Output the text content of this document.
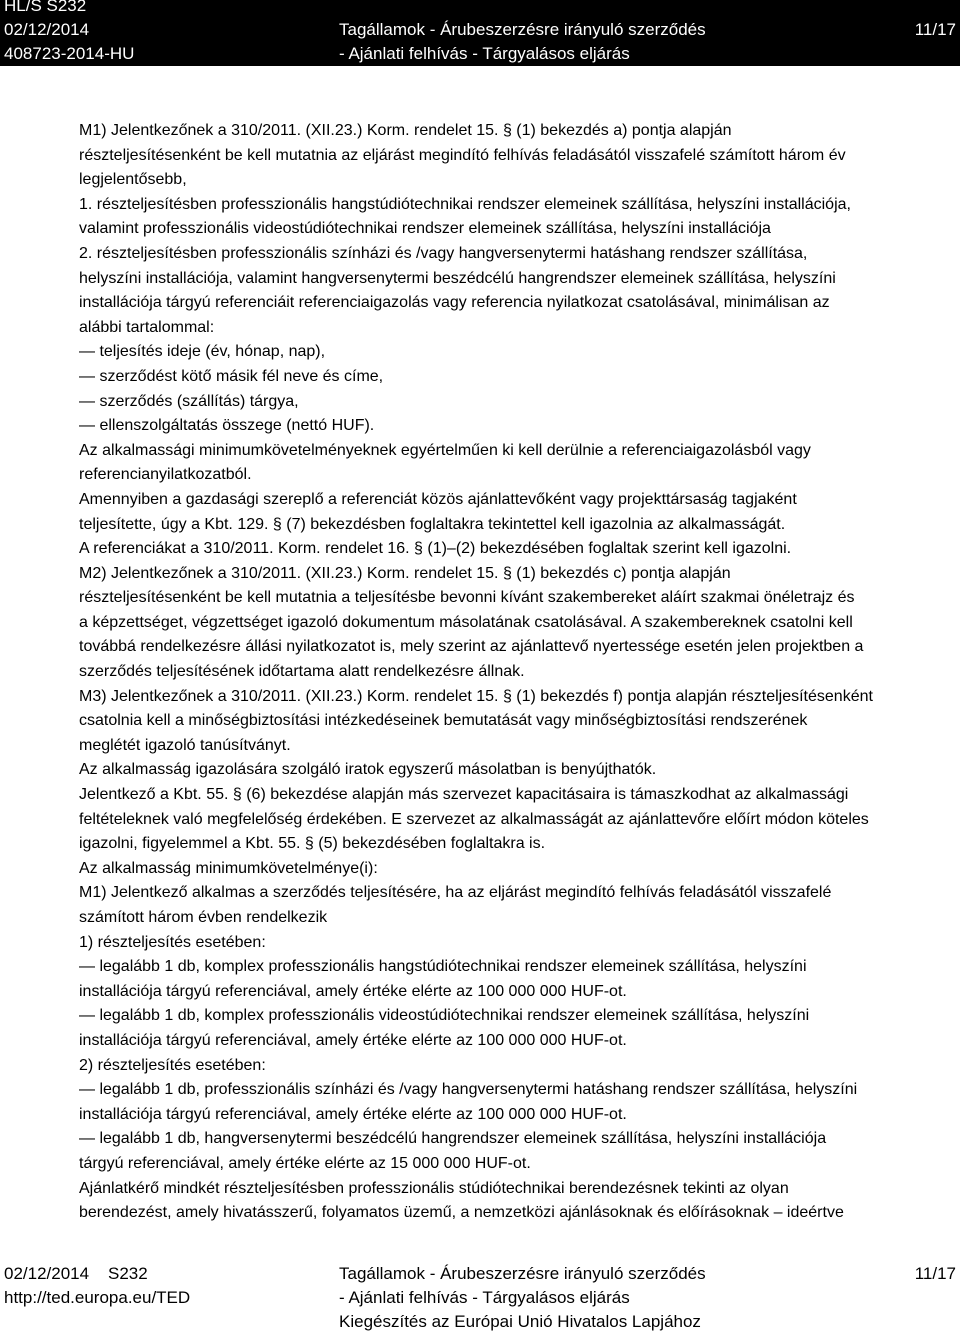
HL/S S232
02/12/2014	Tagállamok - Árubeszerzésre irányuló szerződés	11/17
408723-2014-HU	- Ajánlati felhívás - Tárgyalásos eljárás

M1) Jelentkezőnek a 310/2011. (XII.23.) Korm. rendelet 15. § (1) bekezdés a) pontja alapján

részteljesítésenként be kell mutatnia az eljárást megindító felhívás feladásától visszafelé számított három év

legjelentősebb,

1. részteljesítésben professzionális hangstúdiótechnikai rendszer elemeinek szállítása, helyszíni installációja,

valamint professzionális videostúdiótechnikai rendszer elemeinek szállítása, helyszíni installációja

2. részteljesítésben professzionális színházi és /vagy hangversenytermi hatáshang rendszer szállítása,

helyszíni installációja, valamint hangversenytermi beszédcélú hangrendszer elemeinek szállítása, helyszíni

installációja tárgyú referenciáit referenciaigazolás vagy referencia nyilatkozat csatolásával, minimálisan az

alábbi tartalommal:

— teljesítés ideje (év, hónap, nap),

— szerződést kötő másik fél neve és címe,

— szerződés (szállítás) tárgya,

— ellenszolgáltatás összege (nettó HUF).

Az alkalmassági minimumkövetelményeknek egyértelműen ki kell derülnie a referenciaigazolásból vagy

referencianyilatkozatból.

Amennyiben a gazdasági szereplő a referenciát közös ajánlattevőként vagy projekttársaság tagjaként

teljesítette, úgy a Kbt. 129. § (7) bekezdésben foglaltakra tekintettel kell igazolnia az alkalmasságát.

A referenciákat a 310/2011. Korm. rendelet 16. § (1)–(2) bekezdésében foglaltak szerint kell igazolni.

M2) Jelentkezőnek a 310/2011. (XII.23.) Korm. rendelet 15. § (1) bekezdés c) pontja alapján

részteljesítésenként be kell mutatnia a teljesítésbe bevonni kívánt szakembereket aláírt szakmai önéletrajz és

a képzettséget, végzettséget igazoló dokumentum másolatának csatolásával. A szakembereknek csatolni kell

továbbá rendelkezésre állási nyilatkozatot is, mely szerint az ajánlattevő nyertessége esetén jelen projektben a

szerződés teljesítésének időtartama alatt rendelkezésre állnak.

M3) Jelentkezőnek a 310/2011. (XII.23.) Korm. rendelet 15. § (1) bekezdés f) pontja alapján részteljesítésenként

csatolnia kell a minőségbiztosítási intézkedéseinek bemutatását vagy minőségbiztosítási rendszerének

meglétét igazoló tanúsítványt.

Az alkalmasság igazolására szolgáló iratok egyszerű másolatban is benyújthatók.

Jelentkező a Kbt. 55. § (6) bekezdése alapján más szervezet kapacitásaira is támaszkodhat az alkalmassági

feltételeknek való megfelelőség érdekében. E szervezet az alkalmasságát az ajánlattevőre előírt módon köteles

igazolni, figyelemmel a Kbt. 55. § (5) bekezdésében foglaltakra is.

Az alkalmasság minimumkövetelménye(i):

M1) Jelentkező alkalmas a szerződés teljesítésére, ha az eljárást megindító felhívás feladásától visszafelé

számított három évben rendelkezik

1) részteljesítés esetében:

— legalább 1 db, komplex professzionális hangstúdiótechnikai rendszer elemeinek szállítása, helyszíni

installációja tárgyú referenciával, amely értéke elérte az 100 000 000 HUF-ot.

— legalább 1 db, komplex professzionális videostúdiótechnikai rendszer elemeinek szállítása, helyszíni

installációja tárgyú referenciával, amely értéke elérte az 100 000 000 HUF-ot.

2) részteljesítés esetében:

— legalább 1 db, professzionális színházi és /vagy hangversenytermi hatáshang rendszer szállítása, helyszíni

installációja tárgyú referenciával, amely értéke elérte az 100 000 000 HUF-ot.

— legalább 1 db, hangversenytermi beszédcélú hangrendszer elemeinek szállítása, helyszíni installációja

tárgyú referenciával, amely értéke elérte az 15 000 000 HUF-ot.

Ajánlatkérő mindkét részteljesítésben professzionális stúdiótechnikai berendezésnek tekinti az olyan

berendezést, amely hivatásszerű, folyamatos üzemű, a nemzetközi ajánlásoknak és előírásoknak – ideértve

02/12/2014 S232	Tagállamok - Árubeszerzésre irányuló szerződés	11/17
http://ted.europa.eu/TED	- Ajánlati felhívás - Tárgyalásos eljárás
Kiegészítés az Európai Unió Hivatalos Lapjához
